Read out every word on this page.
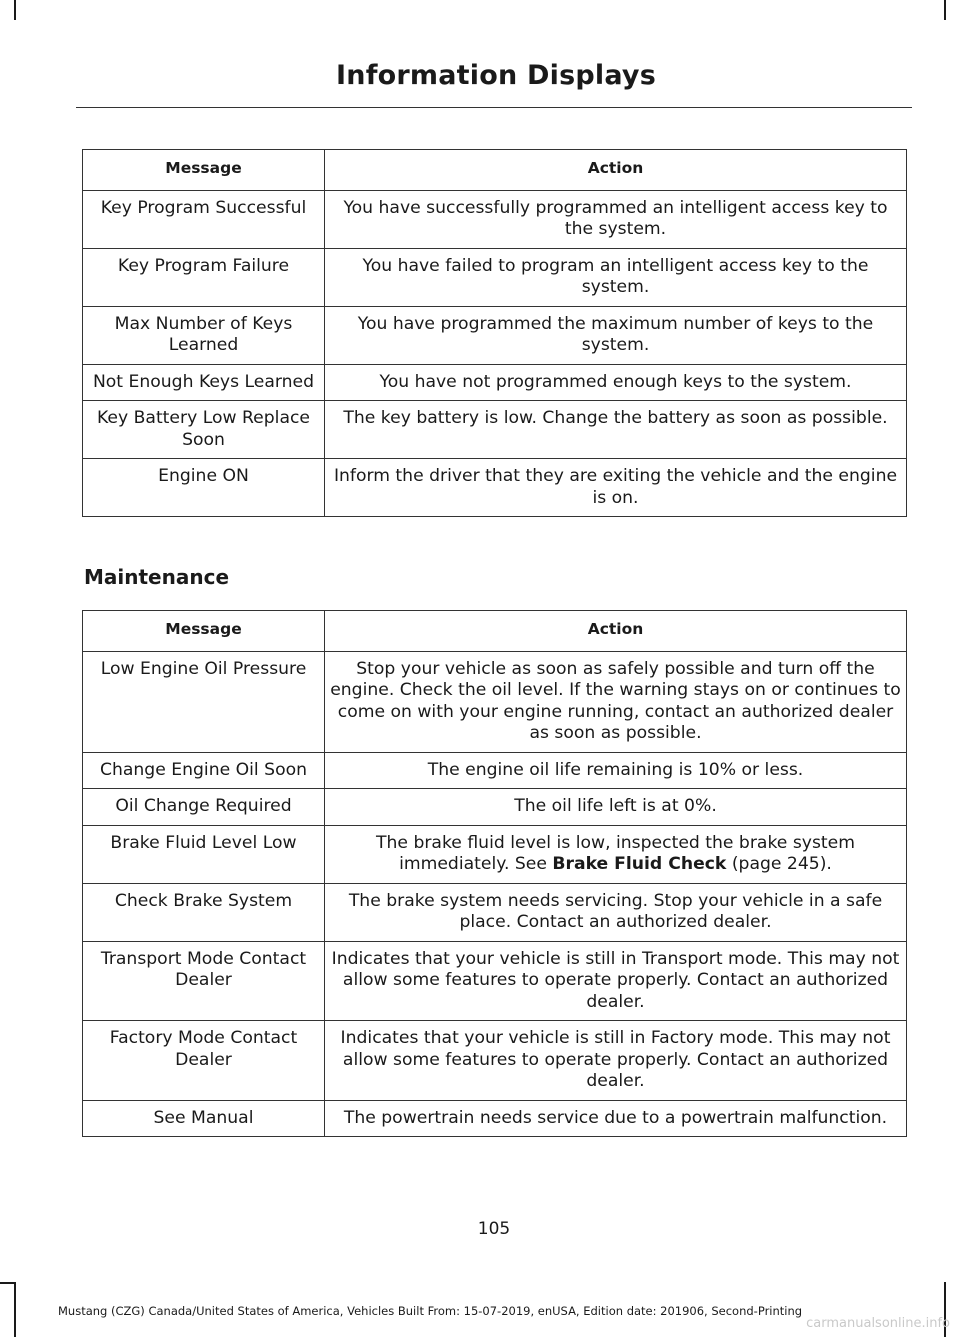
Information Displays
Message	Action
Key Program Successful	You have successfully programmed an intelligent access key to the system.
Key Program Failure	You have failed to program an intelligent access key to the system.
Max Number of Keys Learned	You have programmed the maximum number of keys to the system.
Not Enough Keys Learned	You have not programmed enough keys to the system.
Key Battery Low Replace Soon	The key battery is low. Change the battery as soon as possible.
Engine ON	Inform the driver that they are exiting the vehicle and the engine is on.
Maintenance
Message	Action
Low Engine Oil Pressure	Stop your vehicle as soon as safely possible and turn off the engine. Check the oil level. If the warning stays on or continues to come on with your engine running, contact an authorized dealer as soon as possible.
Change Engine Oil Soon	The engine oil life remaining is 10% or less.
Oil Change Required	The oil life left is at 0%.
Brake Fluid Level Low	The brake fluid level is low, inspected the brake system immediately. See Brake Fluid Check (page 245).
Check Brake System	The brake system needs servicing. Stop your vehicle in a safe place. Contact an authorized dealer.
Transport Mode Contact Dealer	Indicates that your vehicle is still in Transport mode. This may not allow some features to operate properly. Contact an authorized dealer.
Factory Mode Contact Dealer	Indicates that your vehicle is still in Factory mode. This may not allow some features to operate properly. Contact an authorized dealer.
See Manual	The powertrain needs service due to a powertrain malfunction.
105
Mustang (CZG) Canada/United States of America, Vehicles Built From: 15-07-2019, enUSA, Edition date: 201906, Second-Printing
carmanualsonline.info
